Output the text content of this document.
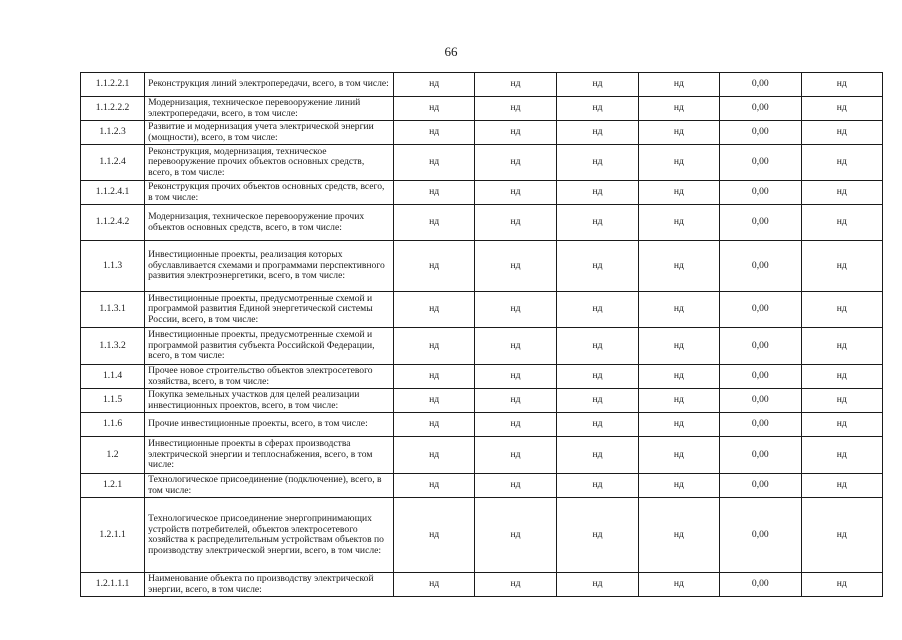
66
1.1.2.2.1	Реконструкция линий электропередачи, всего, в том числе:	нд	нд	нд	нд	0,00	нд
1.1.2.2.2	Модернизация, техническое перевооружение линий электропередачи, всего, в том числе:	нд	нд	нд	нд	0,00	нд
1.1.2.3	Развитие и модернизация учета электрической энергии (мощности), всего, в том числе:	нд	нд	нд	нд	0,00	нд
1.1.2.4	Реконструкция, модернизация, техническое перевооружение прочих объектов основных средств, всего, в том числе:	нд	нд	нд	нд	0,00	нд
1.1.2.4.1	Реконструкция прочих объектов основных средств, всего, в том числе:	нд	нд	нд	нд	0,00	нд
1.1.2.4.2	Модернизация, техническое перевооружение прочих объектов основных средств, всего, в том числе:	нд	нд	нд	нд	0,00	нд
1.1.3	Инвестиционные проекты, реализация которых обуславливается схемами и программами перспективного развития электроэнергетики, всего, в том числе:	нд	нд	нд	нд	0,00	нд
1.1.3.1	Инвестиционные проекты, предусмотренные схемой и программой развития Единой энергетической системы России, всего, в том числе:	нд	нд	нд	нд	0,00	нд
1.1.3.2	Инвестиционные проекты, предусмотренные схемой и программой развития субъекта Российской Федерации, всего, в том числе:	нд	нд	нд	нд	0,00	нд
1.1.4	Прочее новое строительство объектов электросетевого хозяйства, всего, в том числе:	нд	нд	нд	нд	0,00	нд
1.1.5	Покупка земельных участков для целей реализации инвестиционных проектов, всего, в том числе:	нд	нд	нд	нд	0,00	нд
1.1.6	Прочие инвестиционные проекты, всего, в том числе:	нд	нд	нд	нд	0,00	нд
1.2	Инвестиционные проекты в сферах производства электрической энергии и теплоснабжения, всего, в том числе:	нд	нд	нд	нд	0,00	нд
1.2.1	Технологическое присоединение (подключение), всего, в том числе:	нд	нд	нд	нд	0,00	нд
1.2.1.1	Технологическое присоединение энергопринимающих устройств потребителей, объектов электросетевого хозяйства к распределительным устройствам объектов по производству электрической энергии, всего, в том числе:	нд	нд	нд	нд	0,00	нд
1.2.1.1.1	Наименование объекта по производству электрической энергии, всего, в том числе:	нд	нд	нд	нд	0,00	нд
